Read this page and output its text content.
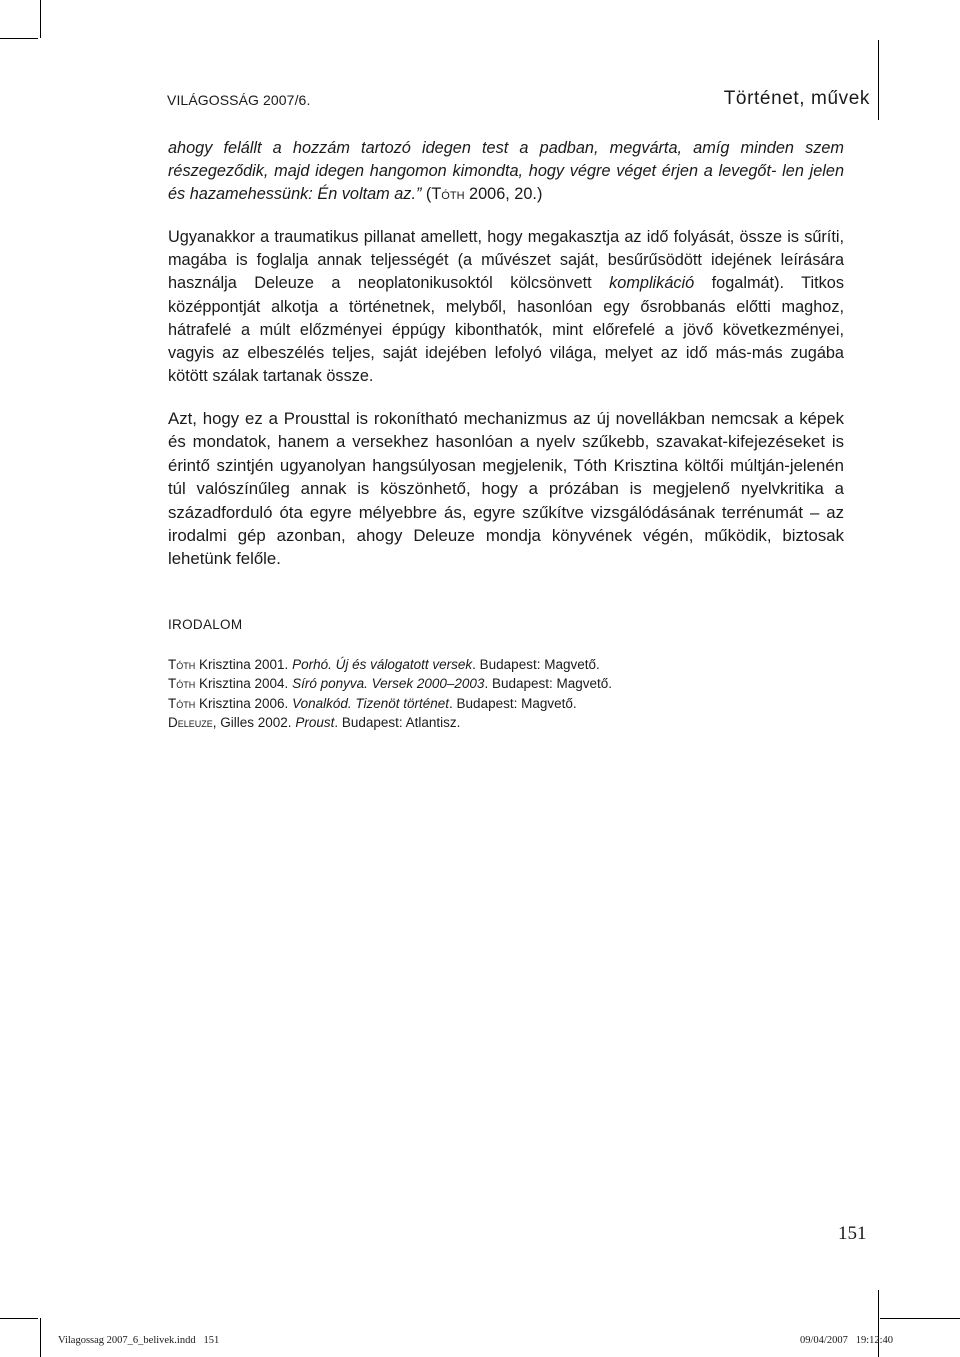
VILÁGOSSÁG 2007/6.	Történet, művek
ahogy felállt a hozzám tartozó idegen test a padban, megvárta, amíg minden szem részegeződik, majd idegen hangomon kimondta, hogy végre véget érjen a levegőt- len jelen és hazamehessünk: Én voltam az.” (Tóth 2006, 20.)
Ugyanakkor a traumatikus pillanat amellett, hogy megakasztja az idő folyását, össze is sűríti, magába is foglalja annak teljességét (a művészet saját, besűrűsödött idejének leírására használja Deleuze a neoplatonikusoktól kölcsönvett komplikáció fogalmát). Titkos középpontját alkotja a történetnek, melyből, hasonlóan egy ősrobbanás előtti maghoz, hátrafelé a múlt előzményei éppúgy kibonthatók, mint előrefelé a jövő következményei, vagyis az elbeszélés teljes, saját idejében lefolyó világa, melyet az idő más-más zugába kötött szálak tartanak össze.
Azt, hogy ez a Prousttal is rokonítható mechanizmus az új novellákban nemcsak a képek és mondatok, hanem a versekhez hasonlóan a nyelv szűkebb, szavakat-kifejezéseket is érintő szintjén ugyanolyan hangsúlyosan megjelenik, Tóth Krisztina költői múltján-jelenén túl valószínűleg annak is köszönhető, hogy a prózában is megjelenő nyelvkritika a századforduló óta egyre mélyebbre ás, egyre szűkítve vizsgálódásának terrénumát – az irodalmi gép azonban, ahogy Deleuze mondja könyvének végén, működik, biztosak lehetünk felőle.
IRODALOM
Tóth Krisztina 2001. Porhó. Új és válogatott versek. Budapest: Magvető.
Tóth Krisztina 2004. Síró ponyva. Versek 2000–2003. Budapest: Magvető.
Tóth Krisztina 2006. Vonalkód. Tizenöt történet. Budapest: Magvető.
Deleuze, Gilles 2002. Proust. Budapest: Atlantisz.
151
Vilagossag 2007_6_belivek.indd   151	09/04/2007   19:12:40
